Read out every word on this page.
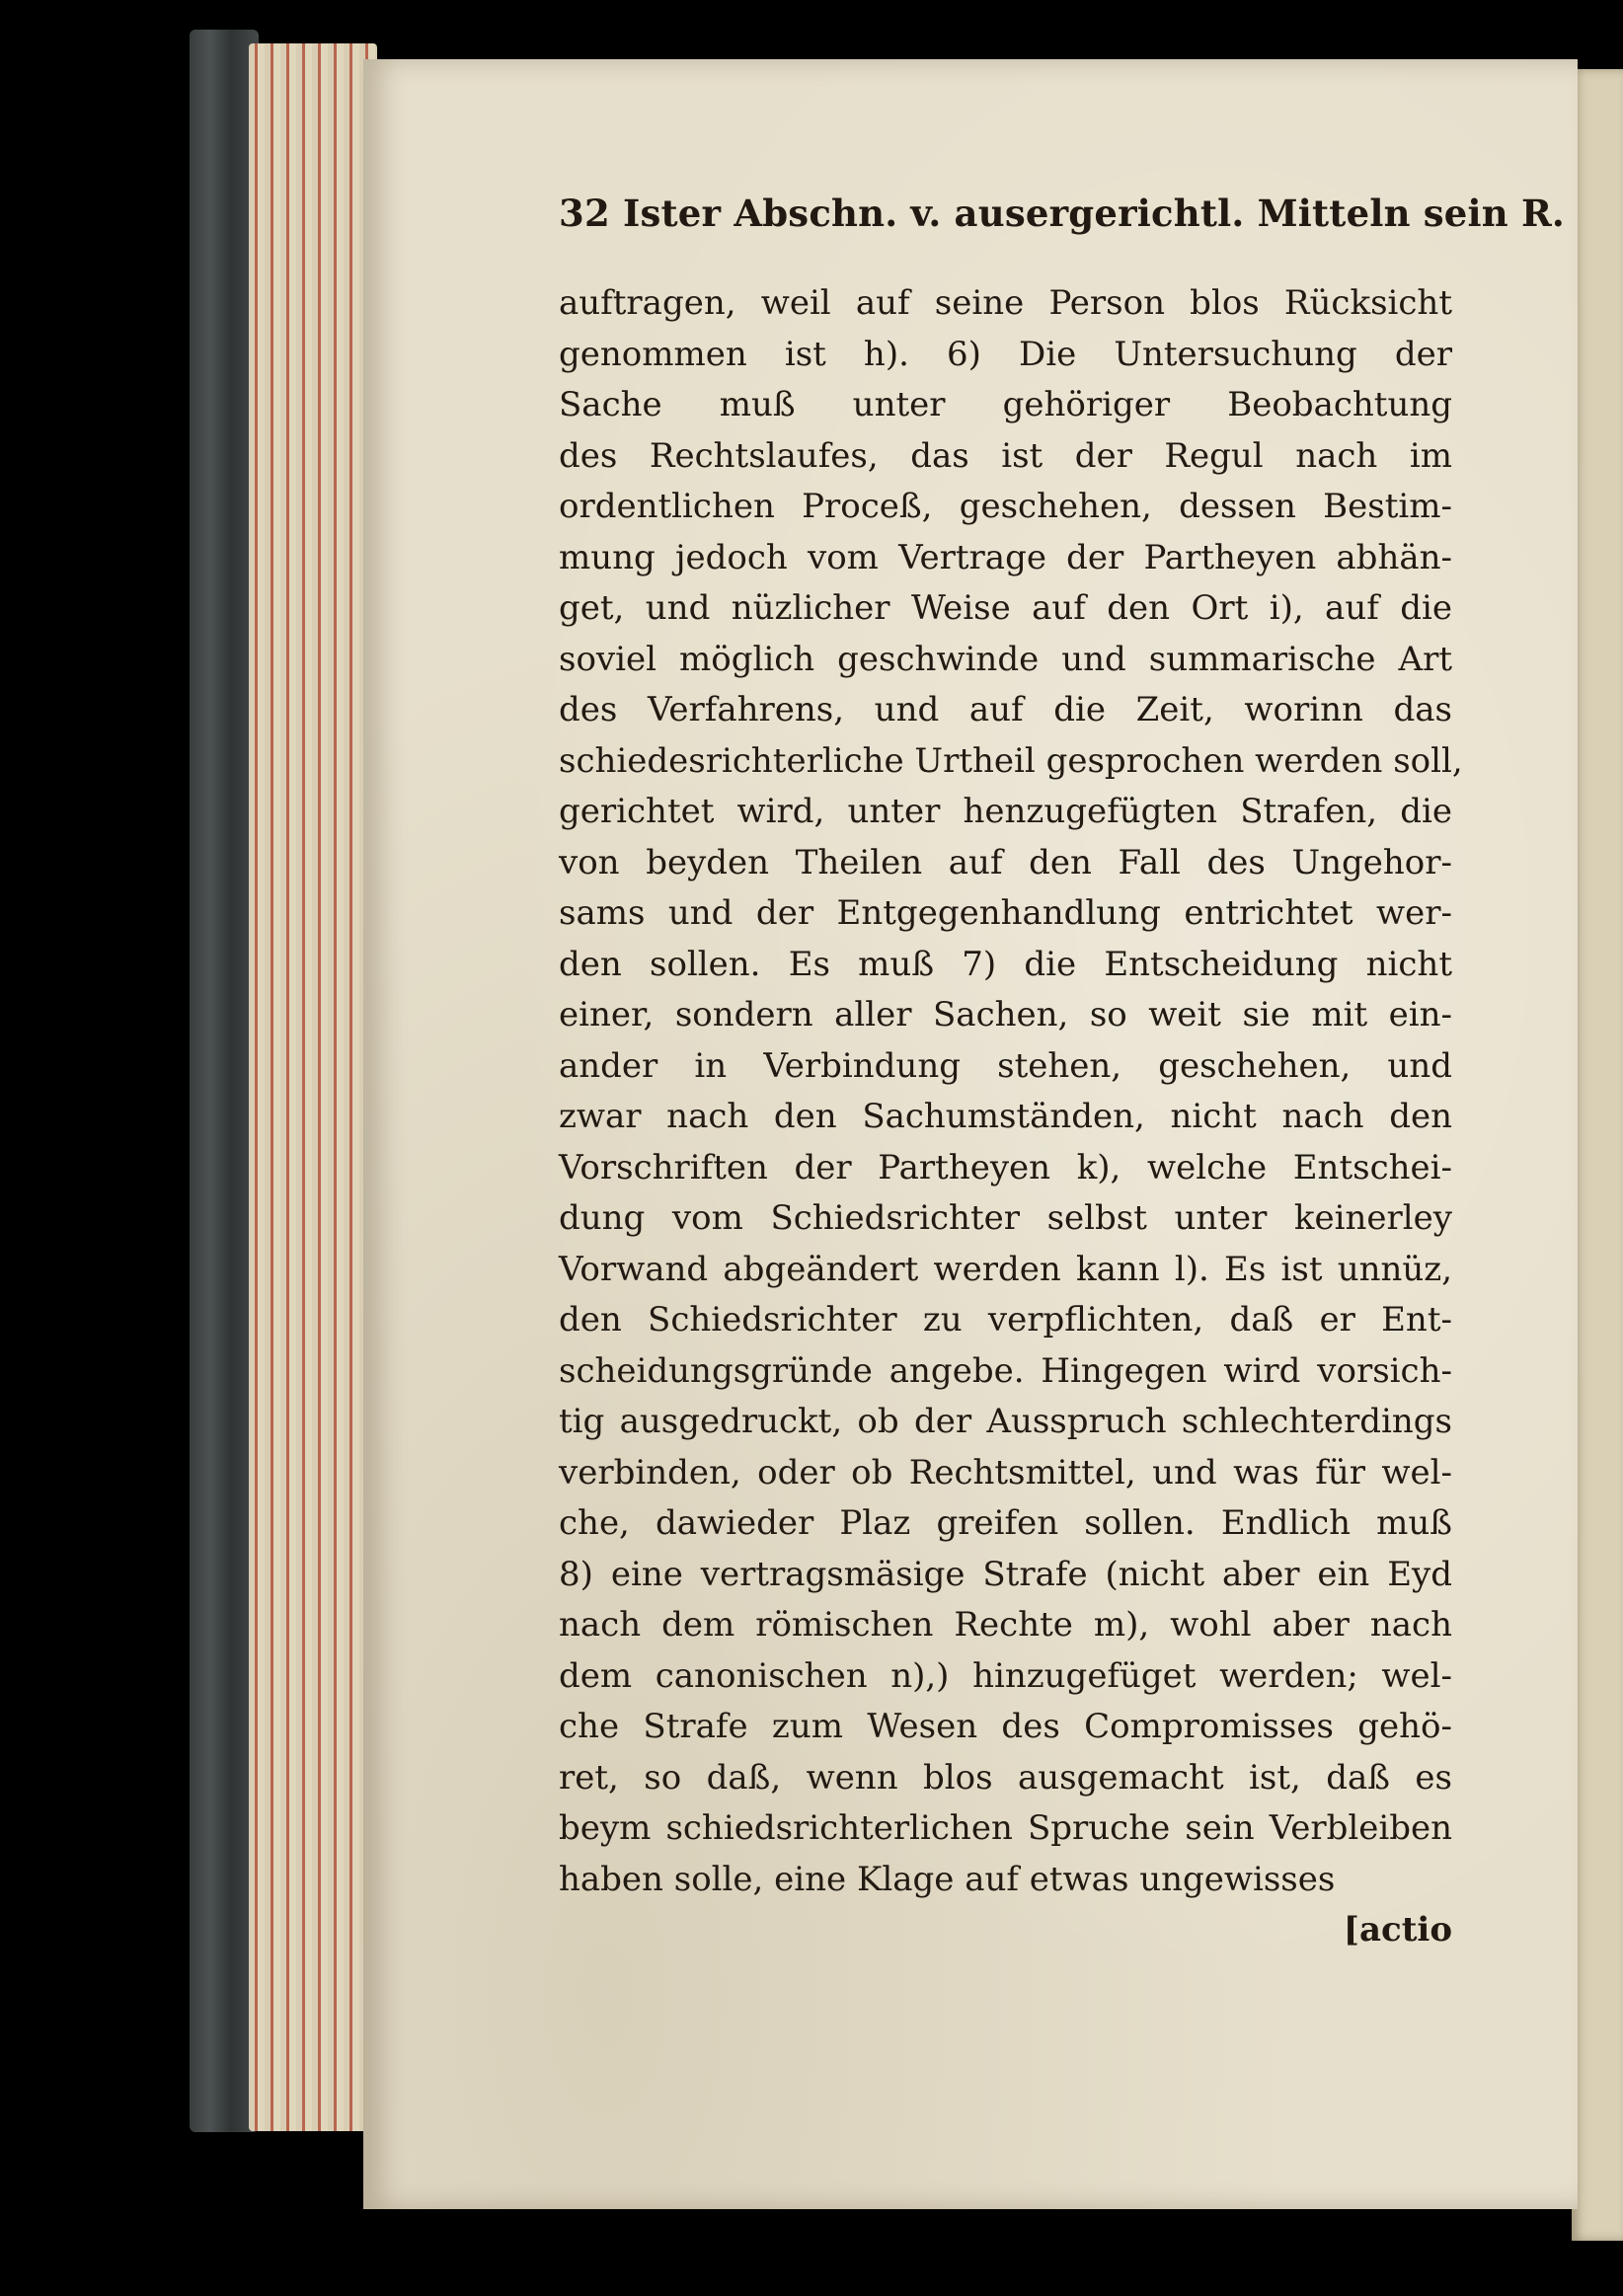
32 Ister Abschn. v. ausergerichtl. Mitteln sein R.
auftragen, weil auf seine Person blos Rücksicht
genommen ist h). 6) Die Untersuchung der
Sache muß unter gehöriger Beobachtung
des Rechtslaufes, das ist der Regul nach im
ordentlichen Proceß, geschehen, dessen Bestim-
mung jedoch vom Vertrage der Partheyen abhän-
get, und nüzlicher Weise auf den Ort i), auf die
soviel möglich geschwinde und summarische Art
des Verfahrens, und auf die Zeit, worinn das
schiedesrichterliche Urtheil gesprochen werden soll,
gerichtet wird, unter henzugefügten Strafen, die
von beyden Theilen auf den Fall des Ungehor-
sams und der Entgegenhandlung entrichtet wer-
den sollen. Es muß 7) die Entscheidung nicht
einer, sondern aller Sachen, so weit sie mit ein-
ander in Verbindung stehen, geschehen, und
zwar nach den Sachumständen, nicht nach den
Vorschriften der Partheyen k), welche Entschei-
dung vom Schiedsrichter selbst unter keinerley
Vorwand abgeändert werden kann l). Es ist unnüz,
den Schiedsrichter zu verpflichten, daß er Ent-
scheidungsgründe angebe. Hingegen wird vorsich-
tig ausgedruckt, ob der Ausspruch schlechterdings
verbinden, oder ob Rechtsmittel, und was für wel-
che, dawieder Plaz greifen sollen. Endlich muß
8) eine vertragsmäsige Strafe (nicht aber ein Eyd
nach dem römischen Rechte m), wohl aber nach
dem canonischen n),) hinzugefüget werden; wel-
che Strafe zum Wesen des Compromisses gehö-
ret, so daß, wenn blos ausgemacht ist, daß es
beym schiedsrichterlichen Spruche sein Verbleiben
haben solle, eine Klage auf etwas ungewisses
[actio
